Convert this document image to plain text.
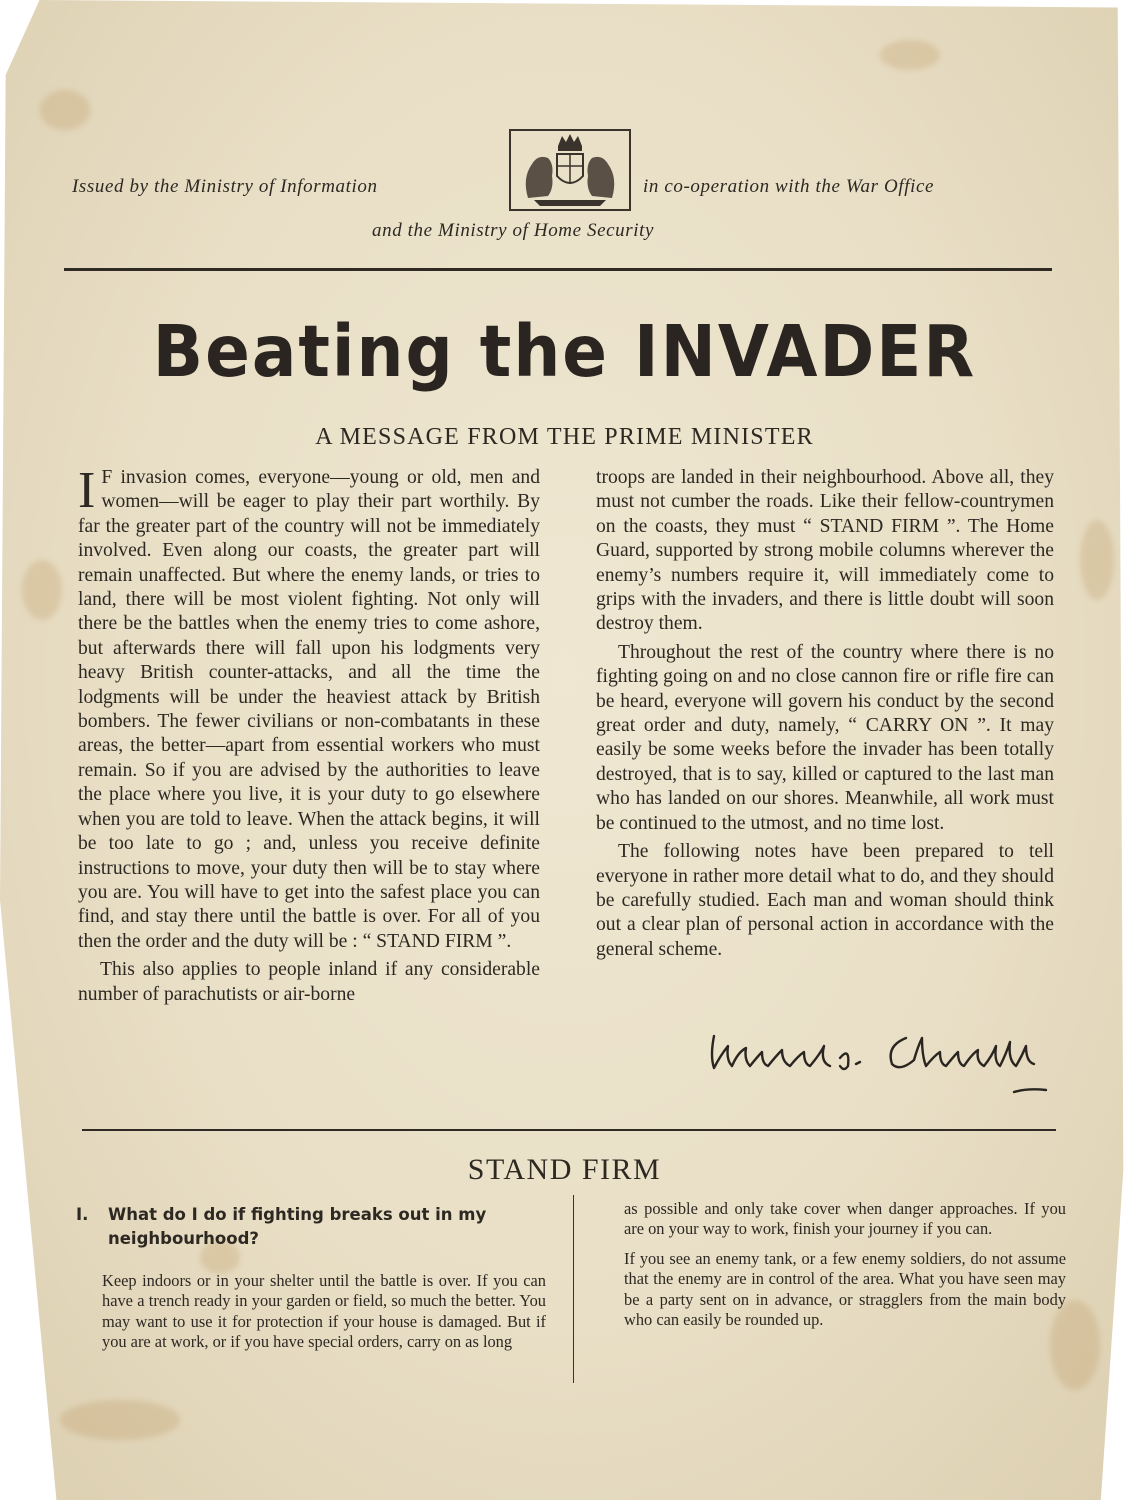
Issued by the Ministry of Information	in co-operation with the War Office
and the Ministry of Home Security
Beating the INVADER
A MESSAGE FROM THE PRIME MINISTER

I F invasion comes, everyone—young or old, men and women—will be eager to play their part worthily. By far the greater part of the country will not be immediately involved. Even along our coasts, the greater part will remain unaffected. But where the enemy lands, or tries to land, there will be most violent fighting. Not only will there be the battles when the enemy tries to come ashore, but afterwards there will fall upon his lodgments very heavy British counter-attacks, and all the time the lodgments will be under the heaviest attack by British bombers. The fewer civilians or non-combatants in these areas, the better—apart from essential workers who must remain. So if you are advised by the authorities to leave the place where you live, it is your duty to go elsewhere when you are told to leave. When the attack begins, it will be too late to go ; and, unless you receive definite instructions to move, your duty then will be to stay where you are. You will have to get into the safest place you can find, and stay there until the battle is over. For all of you then the order and the duty will be : “ STAND FIRM ”.

This also applies to people inland if any considerable number of parachutists or air-borne

troops are landed in their neighbourhood. Above all, they must not cumber the roads. Like their fellow-countrymen on the coasts, they must “ STAND FIRM ”. The Home Guard, supported by strong mobile columns wherever the enemy’s numbers require it, will immediately come to grips with the invaders, and there is little doubt will soon destroy them.

Throughout the rest of the country where there is no fighting going on and no close cannon fire or rifle fire can be heard, everyone will govern his conduct by the second great order and duty, namely, “ CARRY ON ”. It may easily be some weeks before the invader has been totally destroyed, that is to say, killed or captured to the last man who has landed on our shores. Meanwhile, all work must be continued to the utmost, and no time lost.

The following notes have been prepared to tell everyone in rather more detail what to do, and they should be carefully studied. Each man and woman should think out a clear plan of personal action in accordance with the general scheme.

STAND FIRM
I. What do I do if fighting breaks out in my neighbourhood?

Keep indoors or in your shelter until the battle is over. If you can have a trench ready in your garden or field, so much the better. You may want to use it for protection if your house is damaged. But if you are at work, or if you have special orders, carry on as long

as possible and only take cover when danger approaches. If you are on your way to work, finish your journey if you can.

If you see an enemy tank, or a few enemy soldiers, do not assume that the enemy are in control of the area. What you have seen may be a party sent on in advance, or stragglers from the main body who can easily be rounded up.
